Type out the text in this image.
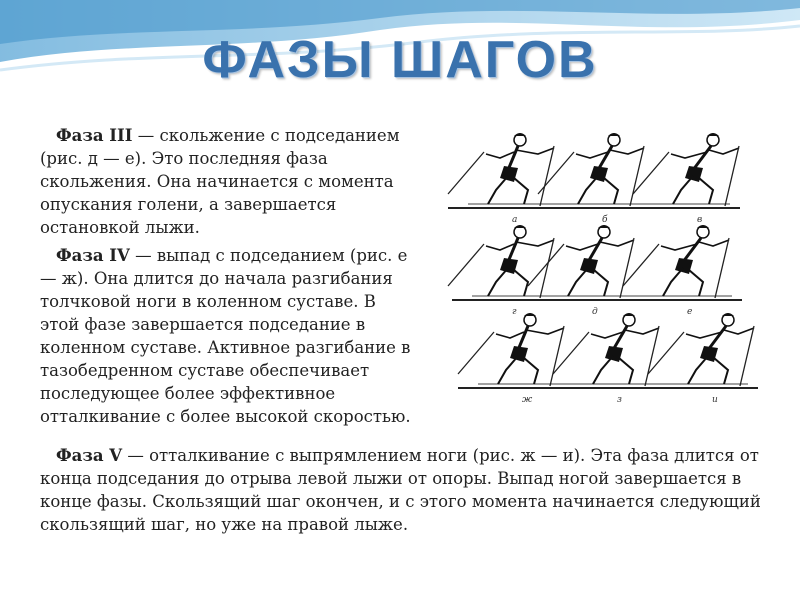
ФАЗЫ ШАГОВ
Фаза III — скольжение с подседанием (рис. д — е). Это последняя фаза скольжения. Она начинается с момента опускания голени, а завершается остановкой лыжи.
Фаза IV — выпад с подседанием (рис. е — ж). Она длится до начала разгибания толчковой ноги в коленном суставе. В этой фазе завершается подседание в коленном суставе. Активное разгибание в тазобедренном суставе обеспечивает последующее более эффективное отталкивание с более высокой скоростью.
Фаза V — отталкивание с выпрямлением ноги (рис. ж — и). Эта фаза длится от конца подседания до отрыва левой лыжи от опоры. Выпад ногой завершается в конце фазы. Скользящий шаг окончен, и с этого момента начинается следующий скользящий шаг, но уже на правой лыже.
а	б	в
г	д	е
ж	з	и
